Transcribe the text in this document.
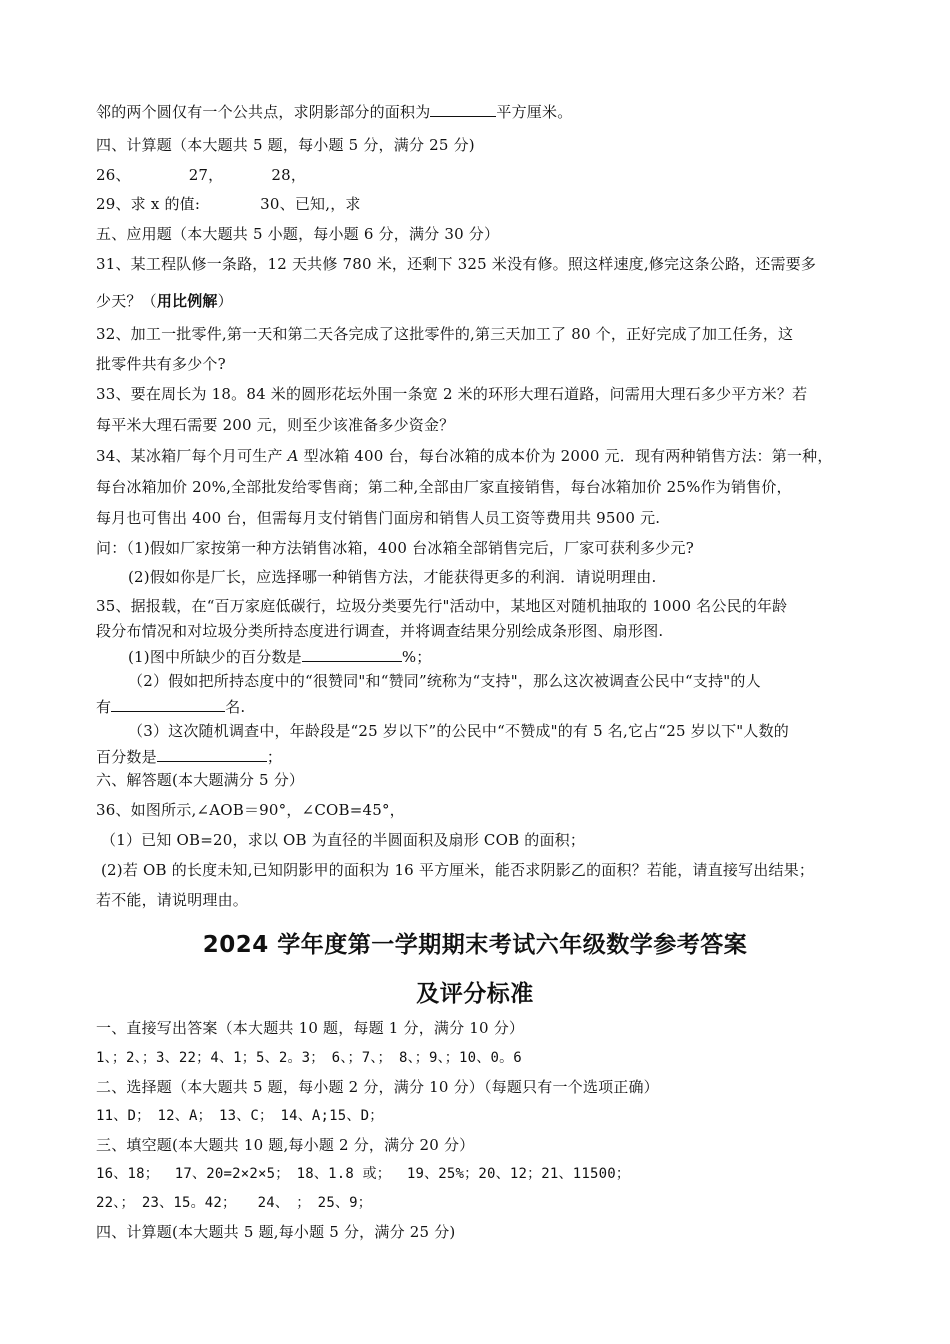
邻的两个圆仅有一个公共点，求阴影部分的面积为	平方厘米。
四、计算题（本大题共 5 题，每小题 5 分，满分 25 分)
26、	27，	28，
29、求 x 的值:	30、已知,，求
五、应用题（本大题共 5 小题，每小题 6 分，满分 30 分）
31、某工程队修一条路，12 天共修 780 米，还剩下 325 米没有修。照这样速度,修完这条公路，还需要多
少天？（用比例解）
32、加工一批零件,第一天和第二天各完成了这批零件的,第三天加工了 80 个，正好完成了加工任务，这
批零件共有多少个?
33、要在周长为 18。84 米的圆形花坛外围一条宽 2 米的环形大理石道路，问需用大理石多少平方米？若
每平米大理石需要 200 元，则至少该准备多少资金？
34、某冰箱厂每个月可生产 A 型冰箱 400 台，每台冰箱的成本价为 2000 元．现有两种销售方法：第一种，
每台冰箱加价 20%,全部批发给零售商；第二种,全部由厂家直接销售，每台冰箱加价 25%作为销售价，
每月也可售出 400 台，但需每月支付销售门面房和销售人员工资等费用共 9500 元.
问：（1)假如厂家按第一种方法销售冰箱，400 台冰箱全部销售完后，厂家可获利多少元?
(2)假如你是厂长，应选择哪一种销售方法，才能获得更多的利润．请说明理由.
35、据报载，在“百万家庭低碳行，垃圾分类要先行"活动中，某地区对随机抽取的 1000 名公民的年龄
段分布情况和对垃圾分类所持态度进行调查，并将调查结果分别绘成条形图、扇形图.
(1)图中所缺少的百分数是	%；
（2）假如把所持态度中的“很赞同"和“赞同”统称为“支持"，那么这次被调查公民中“支持"的人
有	名.
（3）这次随机调查中，年龄段是“25 岁以下”的公民中“不赞成"的有 5 名,它占“25 岁以下"人数的
百分数是	；
六、解答题(本大题满分 5 分）
36、如图所示,∠AOB＝90°，∠COB=45°，
（1）已知 OB=20，求以 OB 为直径的半圆面积及扇形 COB 的面积；
(2)若 OB 的长度未知,已知阴影甲的面积为 16 平方厘米，能否求阴影乙的面积？若能，请直接写出结果；
若不能，请说明理由。
2024 学年度第一学期期末考试六年级数学参考答案
及评分标准
一、直接写出答案（本大题共 10 题，每题 1 分，满分 10 分）
1、；2、；3、22；4、1；5、2。3；　6、；7、；　8、；9、；10、0。6
二、选择题（本大题共 5 题，每小题 2 分，满分 10 分）（每题只有一个选项正确）
11、D；　12、A；　13、C；　14、A;15、D；
三、填空题(本大题共 10 题,每小题 2 分，满分 20 分）
16、18；　 17、20=2×2×5；　18、1.8 或；　 19、25%；20、12；21、11500；
22、；　23、15。42；　　24、　；　25、9；
四、计算题(本大题共 5 题,每小题 5 分，满分 25 分)
